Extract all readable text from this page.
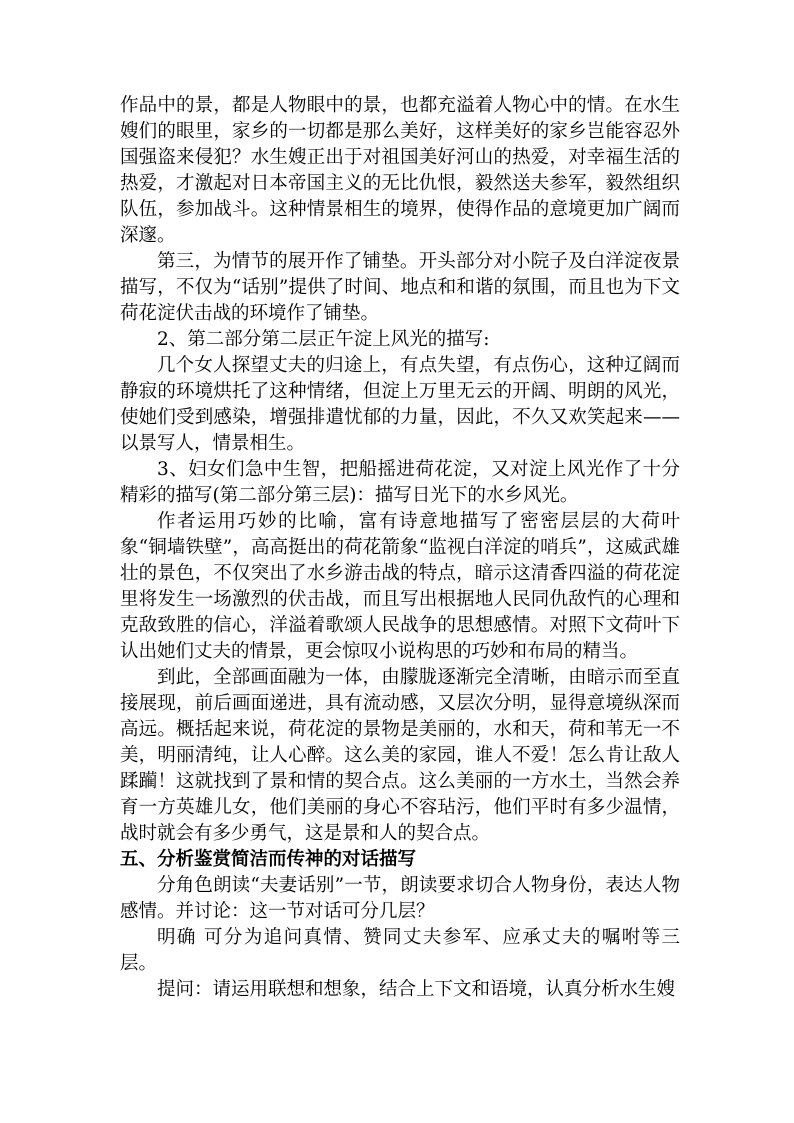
作品中的景，都是人物眼中的景，也都充溢着人物心中的情。在水生嫂们的眼里，家乡的一切都是那么美好，这样美好的家乡岂能容忍外国强盗来侵犯？水生嫂正出于对祖国美好河山的热爱，对幸福生活的热爱，才激起对日本帝国主义的无比仇恨，毅然送夫参军，毅然组织队伍，参加战斗。这种情景相生的境界，使得作品的意境更加广阔而深邃。

第三，为情节的展开作了铺垫。开头部分对小院子及白洋淀夜景描写，不仅为“话别”提供了时间、地点和和谐的氛围，而且也为下文荷花淀伏击战的环境作了铺垫。

2、第二部分第二层正午淀上风光的描写:

几个女人探望丈夫的归途上，有点失望，有点伤心，这种辽阔而静寂的环境烘托了这种情绪，但淀上万里无云的开阔、明朗的风光，使她们受到感染，增强排遣忧郁的力量，因此，不久又欢笑起来——以景写人，情景相生。

3、妇女们急中生智，把船摇进荷花淀，又对淀上风光作了十分精彩的描写(第二部分第三层)：描写日光下的水乡风光。

作者运用巧妙的比喻，富有诗意地描写了密密层层的大荷叶象“铜墙铁壁”，高高挺出的荷花箭象“监视白洋淀的哨兵”，这威武雄壮的景色，不仅突出了水乡游击战的特点，暗示这清香四溢的荷花淀里将发生一场激烈的伏击战，而且写出根据地人民同仇敌忾的心理和克敌致胜的信心，洋溢着歌颂人民战争的思想感情。对照下文荷叶下认出她们丈夫的情景，更会惊叹小说构思的巧妙和布局的精当。

到此，全部画面融为一体，由朦胧逐渐完全清晰，由暗示而至直接展现，前后画面递进，具有流动感，又层次分明，显得意境纵深而高远。概括起来说，荷花淀的景物是美丽的，水和天，荷和苇无一不美，明丽清纯，让人心醉。这么美的家园，谁人不爱！怎么肯让敌人蹂躏！这就找到了景和情的契合点。这么美丽的一方水土，当然会养育一方英雄儿女，他们美丽的身心不容玷污，他们平时有多少温情，战时就会有多少勇气，这是景和人的契合点。

五、分析鉴赏简洁而传神的对话描写

分角色朗读“夫妻话别”一节，朗读要求切合人物身份，表达人物感情。并讨论：这一节对话可分几层？

明确 可分为追问真情、赞同丈夫参军、应承丈夫的嘱咐等三层。

提问：请运用联想和想象，结合上下文和语境，认真分析水生嫂
